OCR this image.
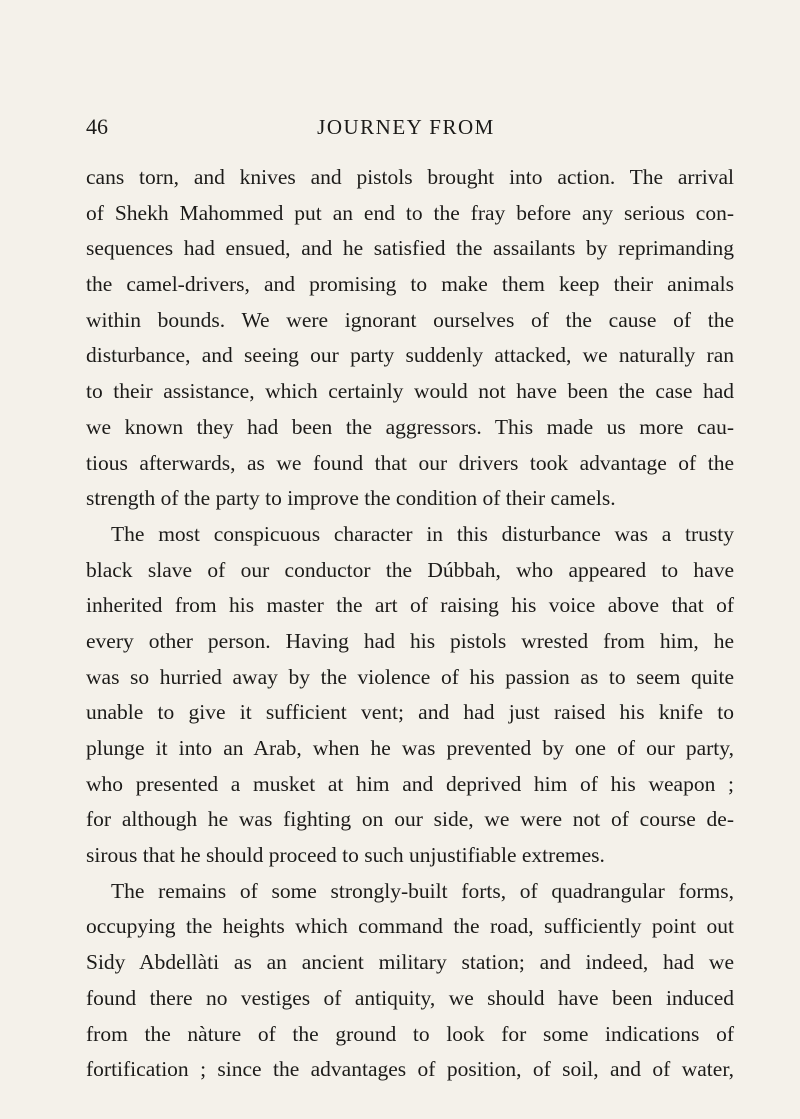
46	JOURNEY FROM
cans torn, and knives and pistols brought into action. The arrival
of Shekh Mahommed put an end to the fray before any serious con-
sequences had ensued, and he satisfied the assailants by reprimanding
the camel-drivers, and promising to make them keep their animals
within bounds. We were ignorant ourselves of the cause of the
disturbance, and seeing our party suddenly attacked, we naturally ran
to their assistance, which certainly would not have been the case had
we known they had been the aggressors. This made us more cau-
tious afterwards, as we found that our drivers took advantage of the
strength of the party to improve the condition of their camels.
The most conspicuous character in this disturbance was a trusty
black slave of our conductor the Dúbbah, who appeared to have
inherited from his master the art of raising his voice above that of
every other person. Having had his pistols wrested from him, he
was so hurried away by the violence of his passion as to seem quite
unable to give it sufficient vent; and had just raised his knife to
plunge it into an Arab, when he was prevented by one of our party,
who presented a musket at him and deprived him of his weapon ;
for although he was fighting on our side, we were not of course de-
sirous that he should proceed to such unjustifiable extremes.
The remains of some strongly-built forts, of quadrangular forms,
occupying the heights which command the road, sufficiently point out
Sidy Abdellàti as an ancient military station; and indeed, had we
found there no vestiges of antiquity, we should have been induced
from the nàture of the ground to look for some indications of
fortification ; since the advantages of position, of soil, and of water,
